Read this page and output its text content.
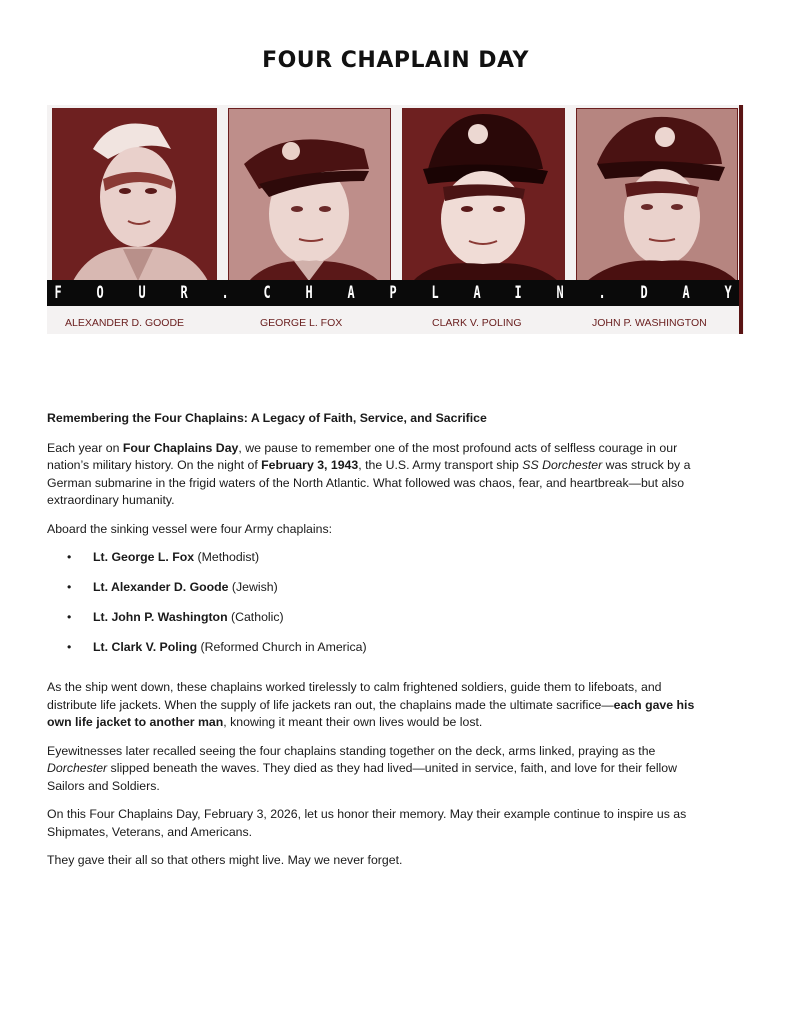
FOUR CHAPLAIN DAY
F O U R . C H A P L A I N . D A Y
ALEXANDER D. GOODE	GEORGE L. FOX	CLARK V. POLING	JOHN P. WASHINGTON

Remembering the Four Chaplains: A Legacy of Faith, Service, and Sacrifice

Each year on Four Chaplains Day, we pause to remember one of the most profound acts of selfless courage in our nation’s military history. On the night of February 3, 1943, the U.S. Army transport ship SS Dorchester was struck by a German submarine in the frigid waters of the North Atlantic. What followed was chaos, fear, and heartbreak—but also extraordinary humanity.

Aboard the sinking vessel were four Army chaplains:

• Lt. George L. Fox (Methodist)
• Lt. Alexander D. Goode (Jewish)
• Lt. John P. Washington (Catholic)
• Lt. Clark V. Poling (Reformed Church in America)

As the ship went down, these chaplains worked tirelessly to calm frightened soldiers, guide them to lifeboats, and distribute life jackets. When the supply of life jackets ran out, the chaplains made the ultimate sacrifice—each gave his own life jacket to another man, knowing it meant their own lives would be lost.

Eyewitnesses later recalled seeing the four chaplains standing together on the deck, arms linked, praying as the Dorchester slipped beneath the waves. They died as they had lived—united in service, faith, and love for their fellow Sailors and Soldiers.

On this Four Chaplains Day, February 3, 2026, let us honor their memory. May their example continue to inspire us as Shipmates, Veterans, and Americans.

They gave their all so that others might live. May we never forget.
